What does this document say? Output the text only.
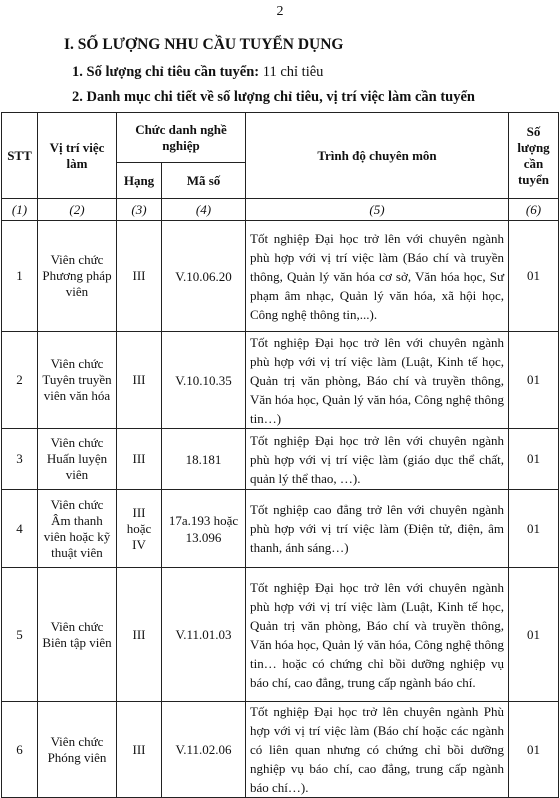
2
I. SỐ LƯỢNG NHU CẦU TUYỂN DỤNG
1. Số lượng chỉ tiêu cần tuyển: 11 chỉ tiêu
2. Danh mục chi tiết về số lượng chỉ tiêu, vị trí việc làm cần tuyển
STT	Vị trí việc làm	Chức danh nghề nghiệp		Trình độ chuyên môn	Số lượng cần tuyển
		Hạng	Mã số		
(1)	(2)	(3)	(4)	(5)	(6)
1	Viên chức Phương pháp viên	III	V.10.06.20	Tốt nghiệp Đại học trở lên với chuyên ngành phù hợp với vị trí việc làm (Báo chí và truyền thông, Quản lý văn hóa cơ sở, Văn hóa học, Sư phạm âm nhạc, Quản lý văn hóa, xã hội học, Công nghệ thông tin,...).	01
2	Viên chức Tuyên truyền viên văn hóa	III	V.10.10.35	Tốt nghiệp Đại học trở lên với chuyên ngành phù hợp với vị trí việc làm (Luật, Kinh tế học, Quản trị văn phòng, Báo chí và truyền thông, Văn hóa học, Quản lý văn hóa, Công nghệ thông tin…)	01
3	Viên chức Huấn luyện viên	III	18.181	Tốt nghiệp Đại học trở lên với chuyên ngành phù hợp với vị trí việc làm (giáo dục thể chất, quản lý thể thao, …).	01
4	Viên chức Âm thanh viên hoặc kỹ thuật viên	III hoặc IV	17a.193 hoặc 13.096	Tốt nghiệp cao đẳng trở lên với chuyên ngành phù hợp với vị trí việc làm (Điện tử, điện, âm thanh, ánh sáng…)	01
5	Viên chức Biên tập viên	III	V.11.01.03	Tốt nghiệp Đại học trở lên với chuyên ngành phù hợp với vị trí việc làm (Luật, Kinh tế học, Quản trị văn phòng, Báo chí và truyền thông, Văn hóa học, Quản lý văn hóa, Công nghệ thông tin… hoặc có chứng chỉ bồi dưỡng nghiệp vụ báo chí, cao đẳng, trung cấp ngành báo chí.	01
6	Viên chức Phóng viên	III	V.11.02.06	Tốt nghiệp Đại học trở lên chuyên ngành Phù hợp với vị trí việc làm (Báo chí hoặc các ngành có liên quan nhưng có chứng chỉ bồi dưỡng nghiệp vụ báo chí, cao đẳng, trung cấp ngành báo chí…).	01
